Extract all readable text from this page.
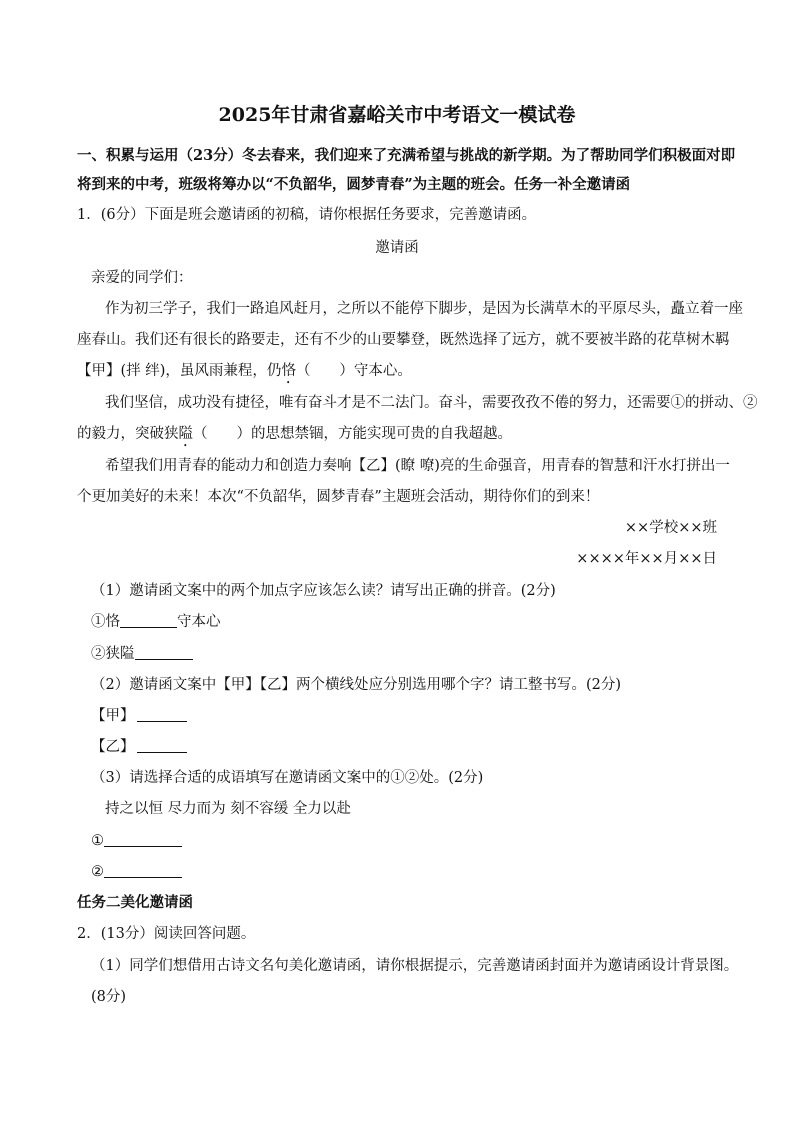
2025年甘肃省嘉峪关市中考语文一模试卷
一、积累与运用（23分）冬去春来，我们迎来了充满希望与挑战的新学期。为了帮助同学们积极面对即
将到来的中考，班级将筹办以“不负韶华，圆梦青春”为主题的班会。任务一补全邀请函
1．(6分）下面是班会邀请函的初稿，请你根据任务要求，完善邀请函。
邀请函
亲爱的同学们：
作为初三学子，我们一路追风赶月，之所以不能停下脚步，是因为长满草木的平原尽头，矗立着一座
座春山。我们还有很长的路要走，还有不少的山要攀登，既然选择了远方，就不要被半路的花草树木羁
【甲】(拌 绊)，虽风雨兼程，仍恪（　　）守本心。
我们坚信，成功没有捷径，唯有奋斗才是不二法门。奋斗，需要孜孜不倦的努力，还需要①的拼动、②
的毅力，突破狭隘（　　）的思想禁锢，方能实现可贵的自我超越。
希望我们用青春的能动力和创造力奏响【乙】(瞭 嘹)亮的生命强音，用青春的智慧和汗水打拼出一
个更加美好的未来！本次“不负韶华，圆梦青春”主题班会活动，期待你们的到来！
××学校××班
××××年××月××日
（1）邀请函文案中的两个加点字应该怎么读？请写出正确的拼音。(2分)
①恪	守本心
②狭隘
（2）邀请函文案中【甲】【乙】两个横线处应分别选用哪个字？请工整书写。(2分)
【甲】
【乙】
（3）请选择合适的成语填写在邀请函文案中的①②处。(2分)
持之以恒 尽力而为 刻不容缓 全力以赴
①
②
任务二美化邀请函
2．(13分）阅读回答问题。
（1）同学们想借用古诗文名句美化邀请函，请你根据提示，完善邀请函封面并为邀请函设计背景图。
(8分)
